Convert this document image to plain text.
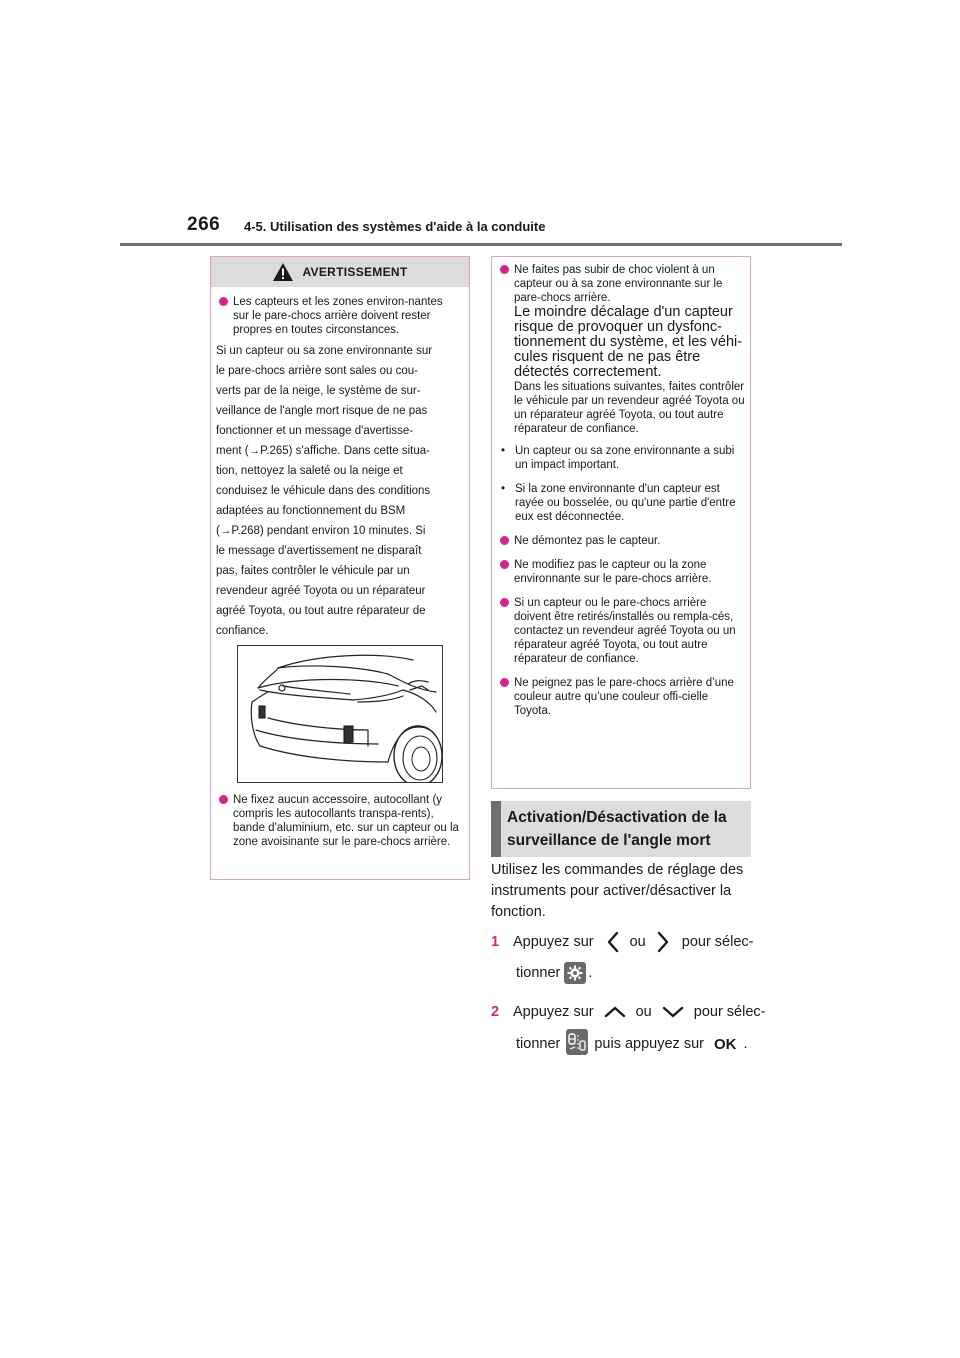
266 4-5. Utilisation des systèmes d'aide à la conduite
AVERTISSEMENT
Les capteurs et les zones environ-nantes sur le pare-chocs arrière doivent rester propres en toutes circonstances.
Si un capteur ou sa zone environnante sur
le pare-chocs arrière sont sales ou cou-
verts par de la neige, le système de sur-
veillance de l'angle mort risque de ne pas
fonctionner et un message d'avertisse-
ment (→P.265) s'affiche. Dans cette situa-
tion, nettoyez la saleté ou la neige et
conduisez le véhicule dans des conditions
adaptées au fonctionnement du BSM
(→P.268) pendant environ 10 minutes. Si
le message d'avertissement ne disparaît
pas, faites contrôler le véhicule par un
revendeur agréé Toyota ou un réparateur
agréé Toyota, ou tout autre réparateur de
confiance.
Ne fixez aucun accessoire, autocollant (y compris les autocollants transpa-rents), bande d'aluminium, etc. sur un capteur ou la zone avoisinante sur le pare-chocs arrière.
Ne faites pas subir de choc violent à un capteur ou à sa zone environnante sur le pare-chocs arrière.
Le moindre décalage d'un capteur risque de provoquer un dysfonc-tionnement du système, et les véhi-cules risquent de ne pas être détectés correctement.
Dans les situations suivantes, faites contrôler le véhicule par un revendeur agréé Toyota ou un réparateur agréé Toyota, ou tout autre réparateur de confiance.
• Un capteur ou sa zone environnante a subi un impact important.
• Si la zone environnante d'un capteur est rayée ou bosselée, ou qu'une partie d'entre eux est déconnectée.
Ne démontez pas le capteur.
Ne modifiez pas le capteur ou la zone environnante sur le pare-chocs arrière.
Si un capteur ou le pare-chocs arrière doivent être retirés/installés ou rempla-cés, contactez un revendeur agréé Toyota ou un réparateur agréé Toyota, ou tout autre réparateur de confiance.
Ne peignez pas le pare-chocs arrière d’une couleur autre qu’une couleur offi-cielle Toyota.
Activation/Désactivation de la
surveillance de l'angle mort
Utilisez les commandes de réglage des
instruments pour activer/désactiver la
fonction.
1 Appuyez sur ou pour sélec-
tionner .
2 Appuyez sur	ou	pour sélec-
tionner puis appuyez sur OK .
